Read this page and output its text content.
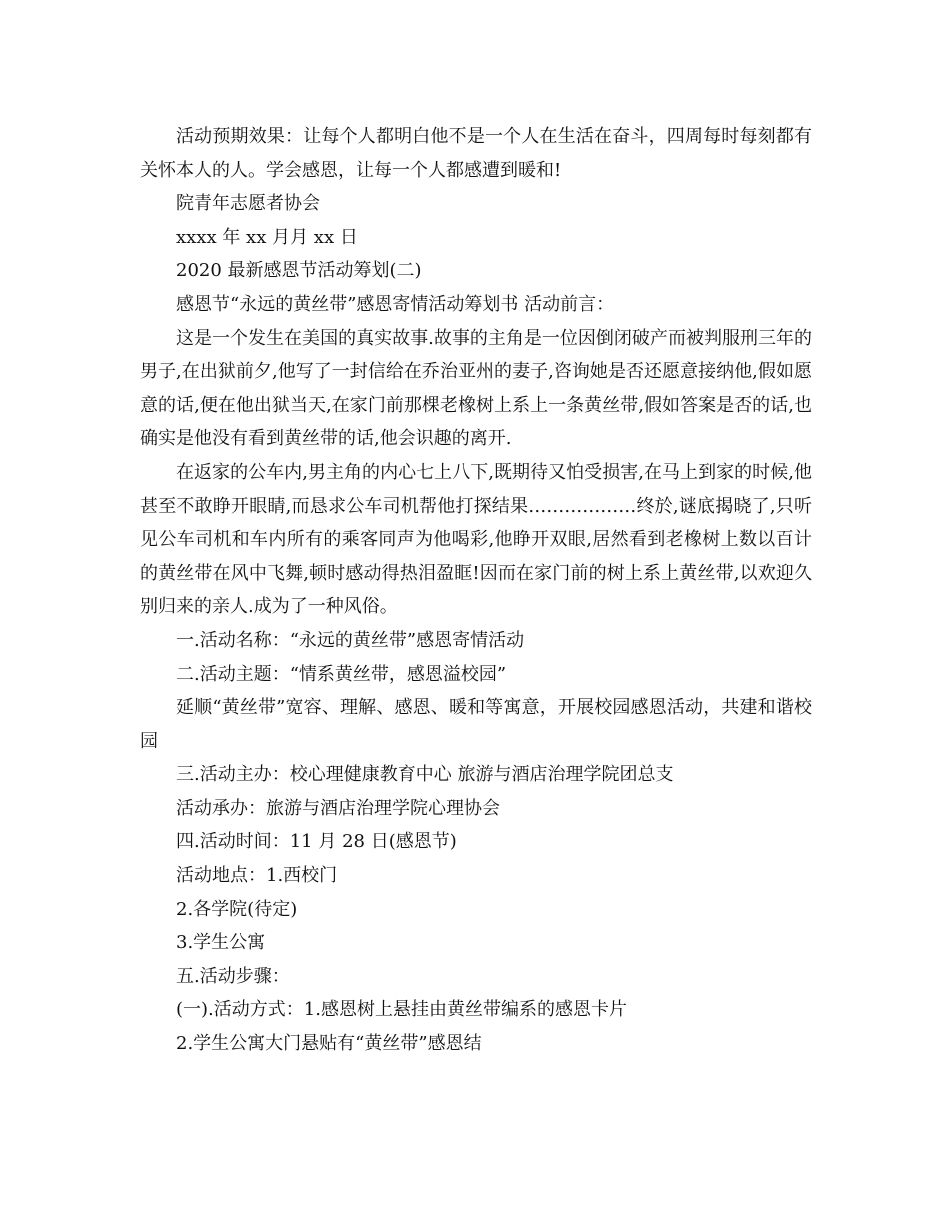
活动预期效果：让每个人都明白他不是一个人在生活在奋斗，四周每时每刻都有关怀本人的人。学会感恩，让每一个人都感遭到暖和!

院青年志愿者协会

xxxx 年 xx 月月 xx 日

2020 最新感恩节活动筹划(二)

感恩节“永远的黄丝带”感恩寄情活动筹划书 活动前言：

这是一个发生在美国的真实故事.故事的主角是一位因倒闭破产而被判服刑三年的男子,在出狱前夕,他写了一封信给在乔治亚州的妻子,咨询她是否还愿意接纳他,假如愿意的话,便在他出狱当天,在家门前那棵老橡树上系上一条黄丝带,假如答案是否的话,也确实是他没有看到黄丝带的话,他会识趣的离开.

在返家的公车内,男主角的内心七上八下,既期待又怕受损害,在马上到家的时候,他甚至不敢睁开眼睛,而恳求公车司机帮他打探结果………………终於,谜底揭晓了,只听见公车司机和车内所有的乘客同声为他喝彩,他睁开双眼,居然看到老橡树上数以百计的黄丝带在风中飞舞,顿时感动得热泪盈眶!因而在家门前的树上系上黄丝带,以欢迎久别归来的亲人.成为了一种风俗。

一.活动名称：“永远的黄丝带”感恩寄情活动

二.活动主题：“情系黄丝带，感恩溢校园”

延顺“黄丝带”宽容、理解、感恩、暖和等寓意，开展校园感恩活动，共建和谐校园

三.活动主办：校心理健康教育中心 旅游与酒店治理学院团总支

活动承办：旅游与酒店治理学院心理协会

四.活动时间：11 月 28 日(感恩节)

活动地点：1.西校门

2.各学院(待定)

3.学生公寓

五.活动步骤：

(一).活动方式：1.感恩树上悬挂由黄丝带编系的感恩卡片

2.学生公寓大门悬贴有“黄丝带”感恩结
